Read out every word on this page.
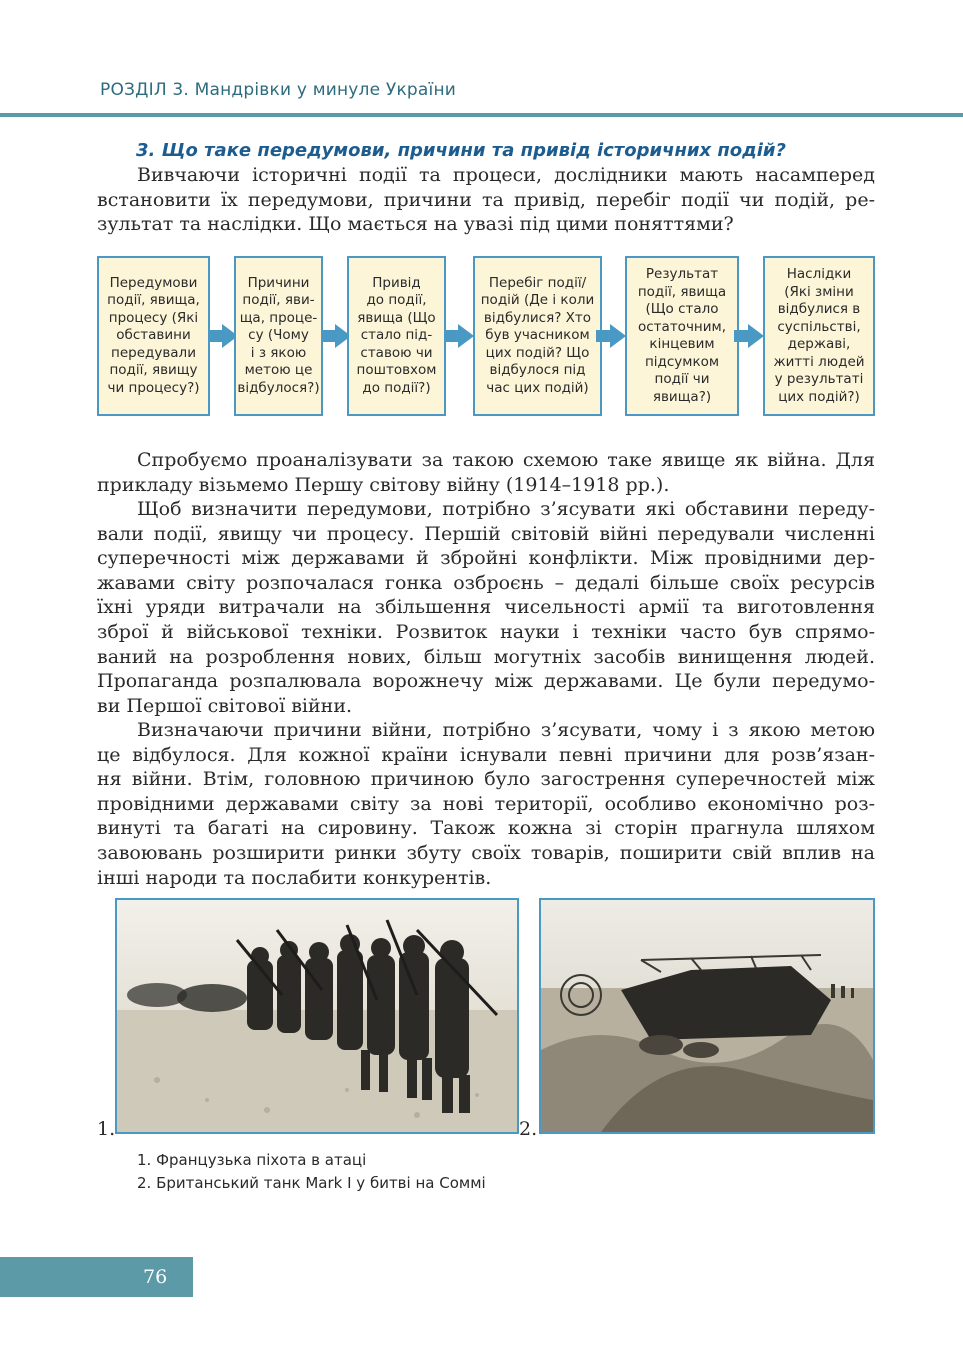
РОЗДІЛ 3. Мандрівки у минуле України
3. Що таке передумови, причини та привід історичних подій?
Вивчаючи історичні події та процеси, дослідники мають насамперед
встановити їх передумови, причини та привід, перебіг події чи подій, ре-
зультат та наслідки. Що мається на увазі під цими поняттями?
Передумови
події, явища,
процесу (Які
обставини
передували
події, явищу
чи процесу?)
Причини
події, яви-
ща, проце-
су (Чому
і з якою
метою це
відбулося?)
Привід
до події,
явища (Що
стало під-
ставою чи
поштовхом
до події?)
Перебіг події/
подій (Де і коли
відбулися? Хто
був учасником
цих подій? Що
відбулося під
час цих подій)
Результат
події, явища
(Що стало
остаточним,
кінцевим
підсумком
події чи
явища?)
Наслідки
(Які зміни
відбулися в
суспільстві,
державі,
житті людей
у результаті
цих подій?)
Спробуємо проаналізувати за такою схемою таке явище як війна. Для
прикладу візьмемо Першу світову війну (1914–1918 рр.).
Щоб визначити передумови, потрібно з’ясувати які обставини переду-
вали події, явищу чи процесу. Першій світовій війні передували численні
суперечності між державами й збройні конфлікти. Між провідними дер-
жавами світу розпочалася гонка озброєнь – дедалі більше своїх ресурсів
їхні уряди витрачали на збільшення чисельності армії та виготовлення
зброї й військової техніки. Розвиток науки і техніки часто був спрямо-
ваний на розроблення нових, більш могутніх засобів винищення людей.
Пропаганда розпалювала ворожнечу між державами. Це були передумо-
ви Першої світової війни.
Визначаючи причини війни, потрібно з’ясувати, чому і з якою метою
це відбулося. Для кожної країни існували певні причини для розв’язан-
ня війни. Втім, головною причиною було загострення суперечностей між
провідними державами світу за нові території, особливо економічно роз-
винуті та багаті на сировину. Також кожна зі сторін прагнула шляхом
завоювань розширити ринки збуту своїх товарів, поширити свій вплив на
інші народи та послабити конкурентів.
1.	2.
1. Французька піхота в атаці
2. Британський танк Mark I у битві на Соммі
76
